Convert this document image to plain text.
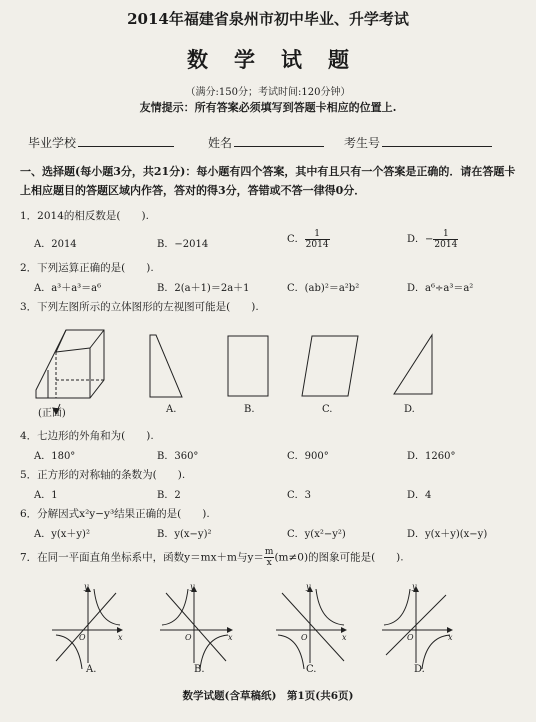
2014年福建省泉州市初中毕业、升学考试
数学试题
（满分:150分；考试时间:120分钟）
友情提示：所有答案必须填写到答题卡相应的位置上.
毕业学校	姓名	考生号
一、选择题(每小题3分，共21分)：每小题有四个答案，其中有且只有一个答案是正确的．请在答题卡上相应题目的答题区域内作答，答对的得3分，答错或不答一律得0分．
1．2014的相反数是(　　).
A．2014	B．−2014	C． $\frac{1}{2014}$	D．− $\frac{1}{2014}$
2．下列运算正确的是(　　).
A．a³＋a³＝a⁶	B．2(a＋1)＝2a＋1	C．(ab)²＝a²b²	D．a⁶÷a³＝a²
3．下列左图所示的立体图形的左视图可能是(　　).
(正面)	A.	B.	C.	D.
4．七边形的外角和为(　　).
A．180°	B．360°	C．900°	D．1260°
5．正方形的对称轴的条数为(　　).
A．1	B．2	C．3	D．4
6．分解因式x²y−y³结果正确的是(　　).
A．y(x＋y)²	B．y(x−y)²	C．y(x²−y²)	D．y(x＋y)(x−y)
7．在同一平面直角坐标系中，函数y＝mx＋m与$y= \frac{m}{x} (m\ne 0)$的图象可能是(　　).
y
x
O
y
x
O
y
x
O
y
x
O
A.	B.	C.	D.
数学试题(含草稿纸)　第1页(共6页)
